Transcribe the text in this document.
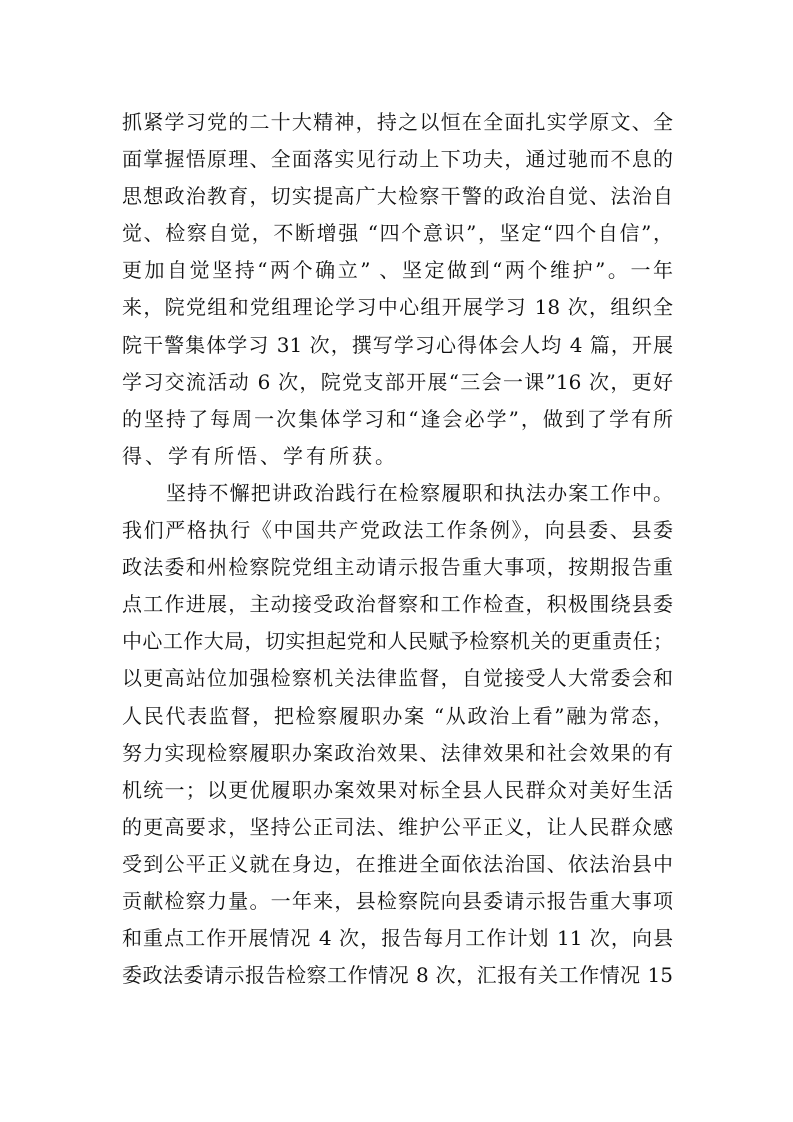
抓紧学习党的二十大精神，持之以恒在全面扎实学原文、全
面掌握悟原理、全面落实见行动上下功夫，通过驰而不息的
思想政治教育，切实提高广大检察干警的政治自觉、法治自
觉、检察自觉，不断增强 “四个意识”，坚定“四个自信”，
更加自觉坚持“两个确立” 、坚定做到“两个维护”。一年
来，院党组和党组理论学习中心组开展学习 18 次，组织全
院干警集体学习 31 次，撰写学习心得体会人均 4 篇，开展
学习交流活动 6 次，院党支部开展“三会一课”16 次，更好
的坚持了每周一次集体学习和“逢会必学”，做到了学有所
得、学有所悟、学有所获。
坚持不懈把讲政治践行在检察履职和执法办案工作中。
我们严格执行《中国共产党政法工作条例》，向县委、县委
政法委和州检察院党组主动请示报告重大事项，按期报告重
点工作进展，主动接受政治督察和工作检查，积极围绕县委
中心工作大局，切实担起党和人民赋予检察机关的更重责任；
以更高站位加强检察机关法律监督，自觉接受人大常委会和
人民代表监督，把检察履职办案 “从政治上看”融为常态，
努力实现检察履职办案政治效果、法律效果和社会效果的有
机统一；以更优履职办案效果对标全县人民群众对美好生活
的更高要求，坚持公正司法、维护公平正义，让人民群众感
受到公平正义就在身边，在推进全面依法治国、依法治县中
贡献检察力量。一年来，县检察院向县委请示报告重大事项
和重点工作开展情况 4 次，报告每月工作计划 11 次，向县
委政法委请示报告检察工作情况 8 次，汇报有关工作情况 15
